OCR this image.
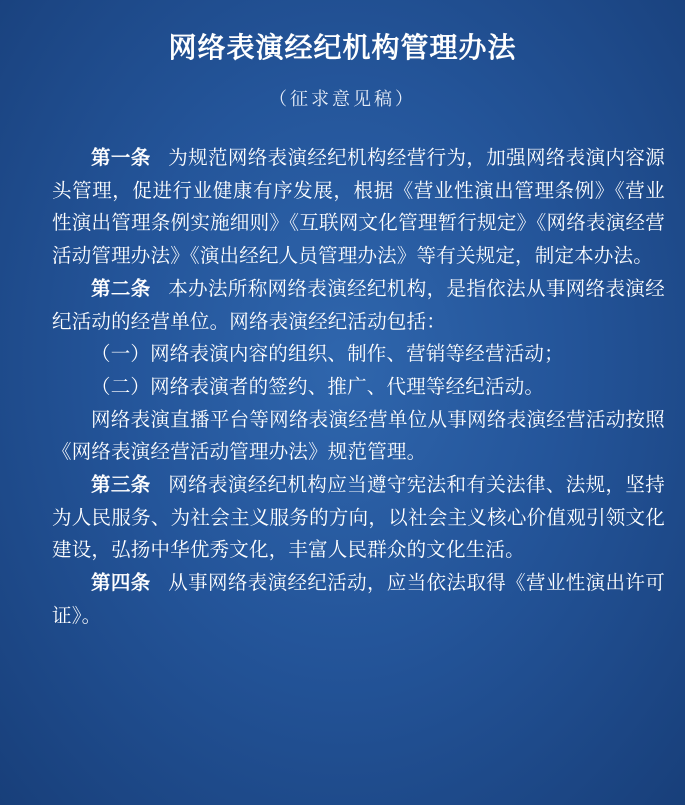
网络表演经纪机构管理办法
（征求意见稿）

第一条 为规范网络表演经纪机构经营行为，加强网络表演内容源头管理，促进行业健康有序发展，根据《营业性演出管理条例》《营业性演出管理条例实施细则》《互联网文化管理暂行规定》《网络表演经营活动管理办法》《演出经纪人员管理办法》等有关规定，制定本办法。

第二条 本办法所称网络表演经纪机构，是指依法从事网络表演经纪活动的经营单位。网络表演经纪活动包括：

（一）网络表演内容的组织、制作、营销等经营活动；

（二）网络表演者的签约、推广、代理等经纪活动。

网络表演直播平台等网络表演经营单位从事网络表演经营活动按照《网络表演经营活动管理办法》规范管理。

第三条 网络表演经纪机构应当遵守宪法和有关法律、法规，坚持为人民服务、为社会主义服务的方向，以社会主义核心价值观引领文化建设，弘扬中华优秀文化，丰富人民群众的文化生活。

第四条 从事网络表演经纪活动，应当依法取得《营业性演出许可证》。
